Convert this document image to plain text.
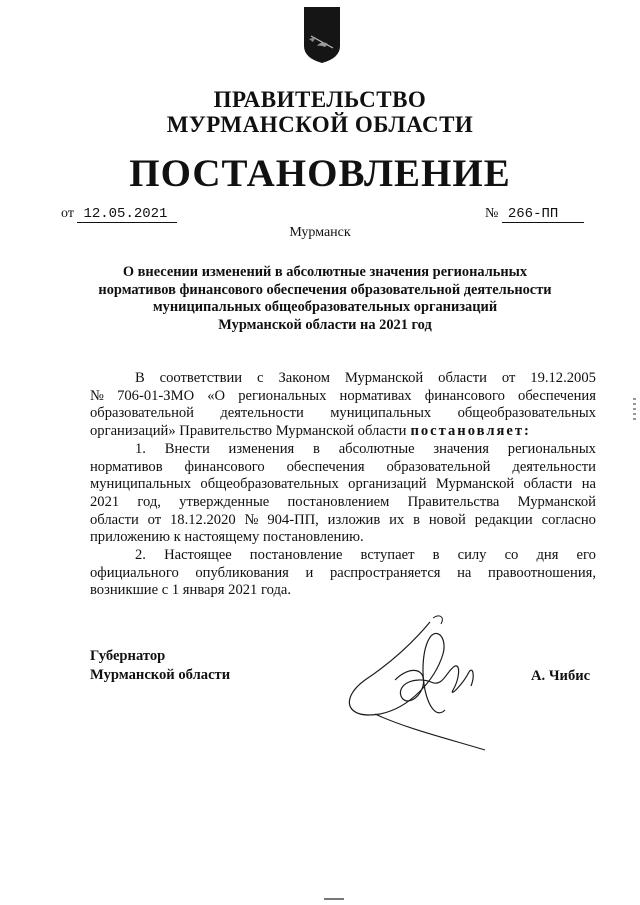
ПРАВИТЕЛЬСТВО
МУРМАНСКОЙ ОБЛАСТИ
ПОСТАНОВЛЕНИЕ
от 12.05.2021	№ 266-ПП
Мурманск
О внесении изменений в абсолютные значения региональных
нормативов финансового обеспечения образовательной деятельности
муниципальных общеобразовательных организаций
Мурманской области на 2021 год
В соответствии с Законом Мурманской области от 19.12.2005
№ 706-01-ЗМО «О региональных нормативах финансового обеспечения
образовательной деятельности муниципальных общеобразовательных
организаций» Правительство Мурманской области постановляет:
1. Внести изменения в абсолютные значения региональных
нормативов финансового обеспечения образовательной деятельности
муниципальных общеобразовательных организаций Мурманской области на
2021 год, утвержденные постановлением Правительства Мурманской
области от 18.12.2020 № 904-ПП, изложив их в новой редакции согласно
приложению к настоящему постановлению.
2. Настоящее постановление вступает в силу со дня его
официального опубликования и распространяется на правоотношения,
возникшие с 1 января 2021 года.
Губернатор
Мурманской области	А. Чибис
